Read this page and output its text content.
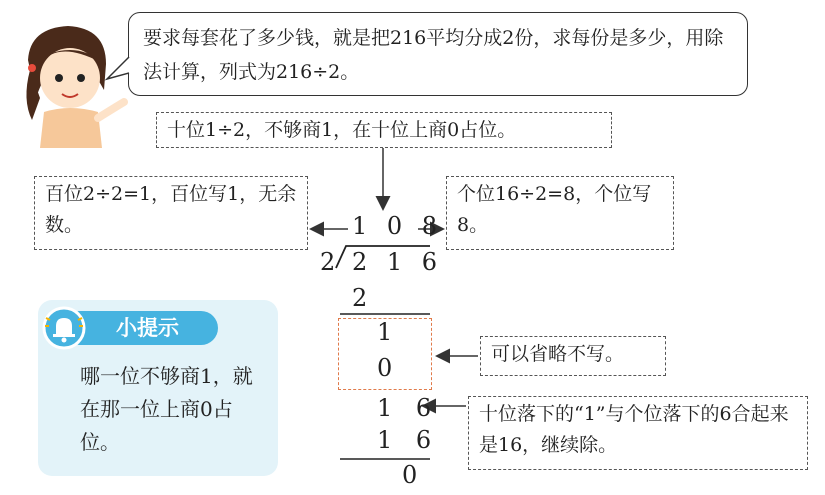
要求每套花了多少钱，就是把216平均分成2份，求每份是多少，用除法计算，列式为216÷2。
十位1÷2，不够商1，在十位上商0占位。
百位2÷2=1，百位写1，无余数。
个位16÷2=8，个位写8。
1 0 8
2 2 1 6
2
1
0
1 6
1 6
0
可以省略不写。
十位落下的“1”与个位落下的6合起来是16，继续除。
小提示
哪一位不够商1，就在那一位上商0占位。
